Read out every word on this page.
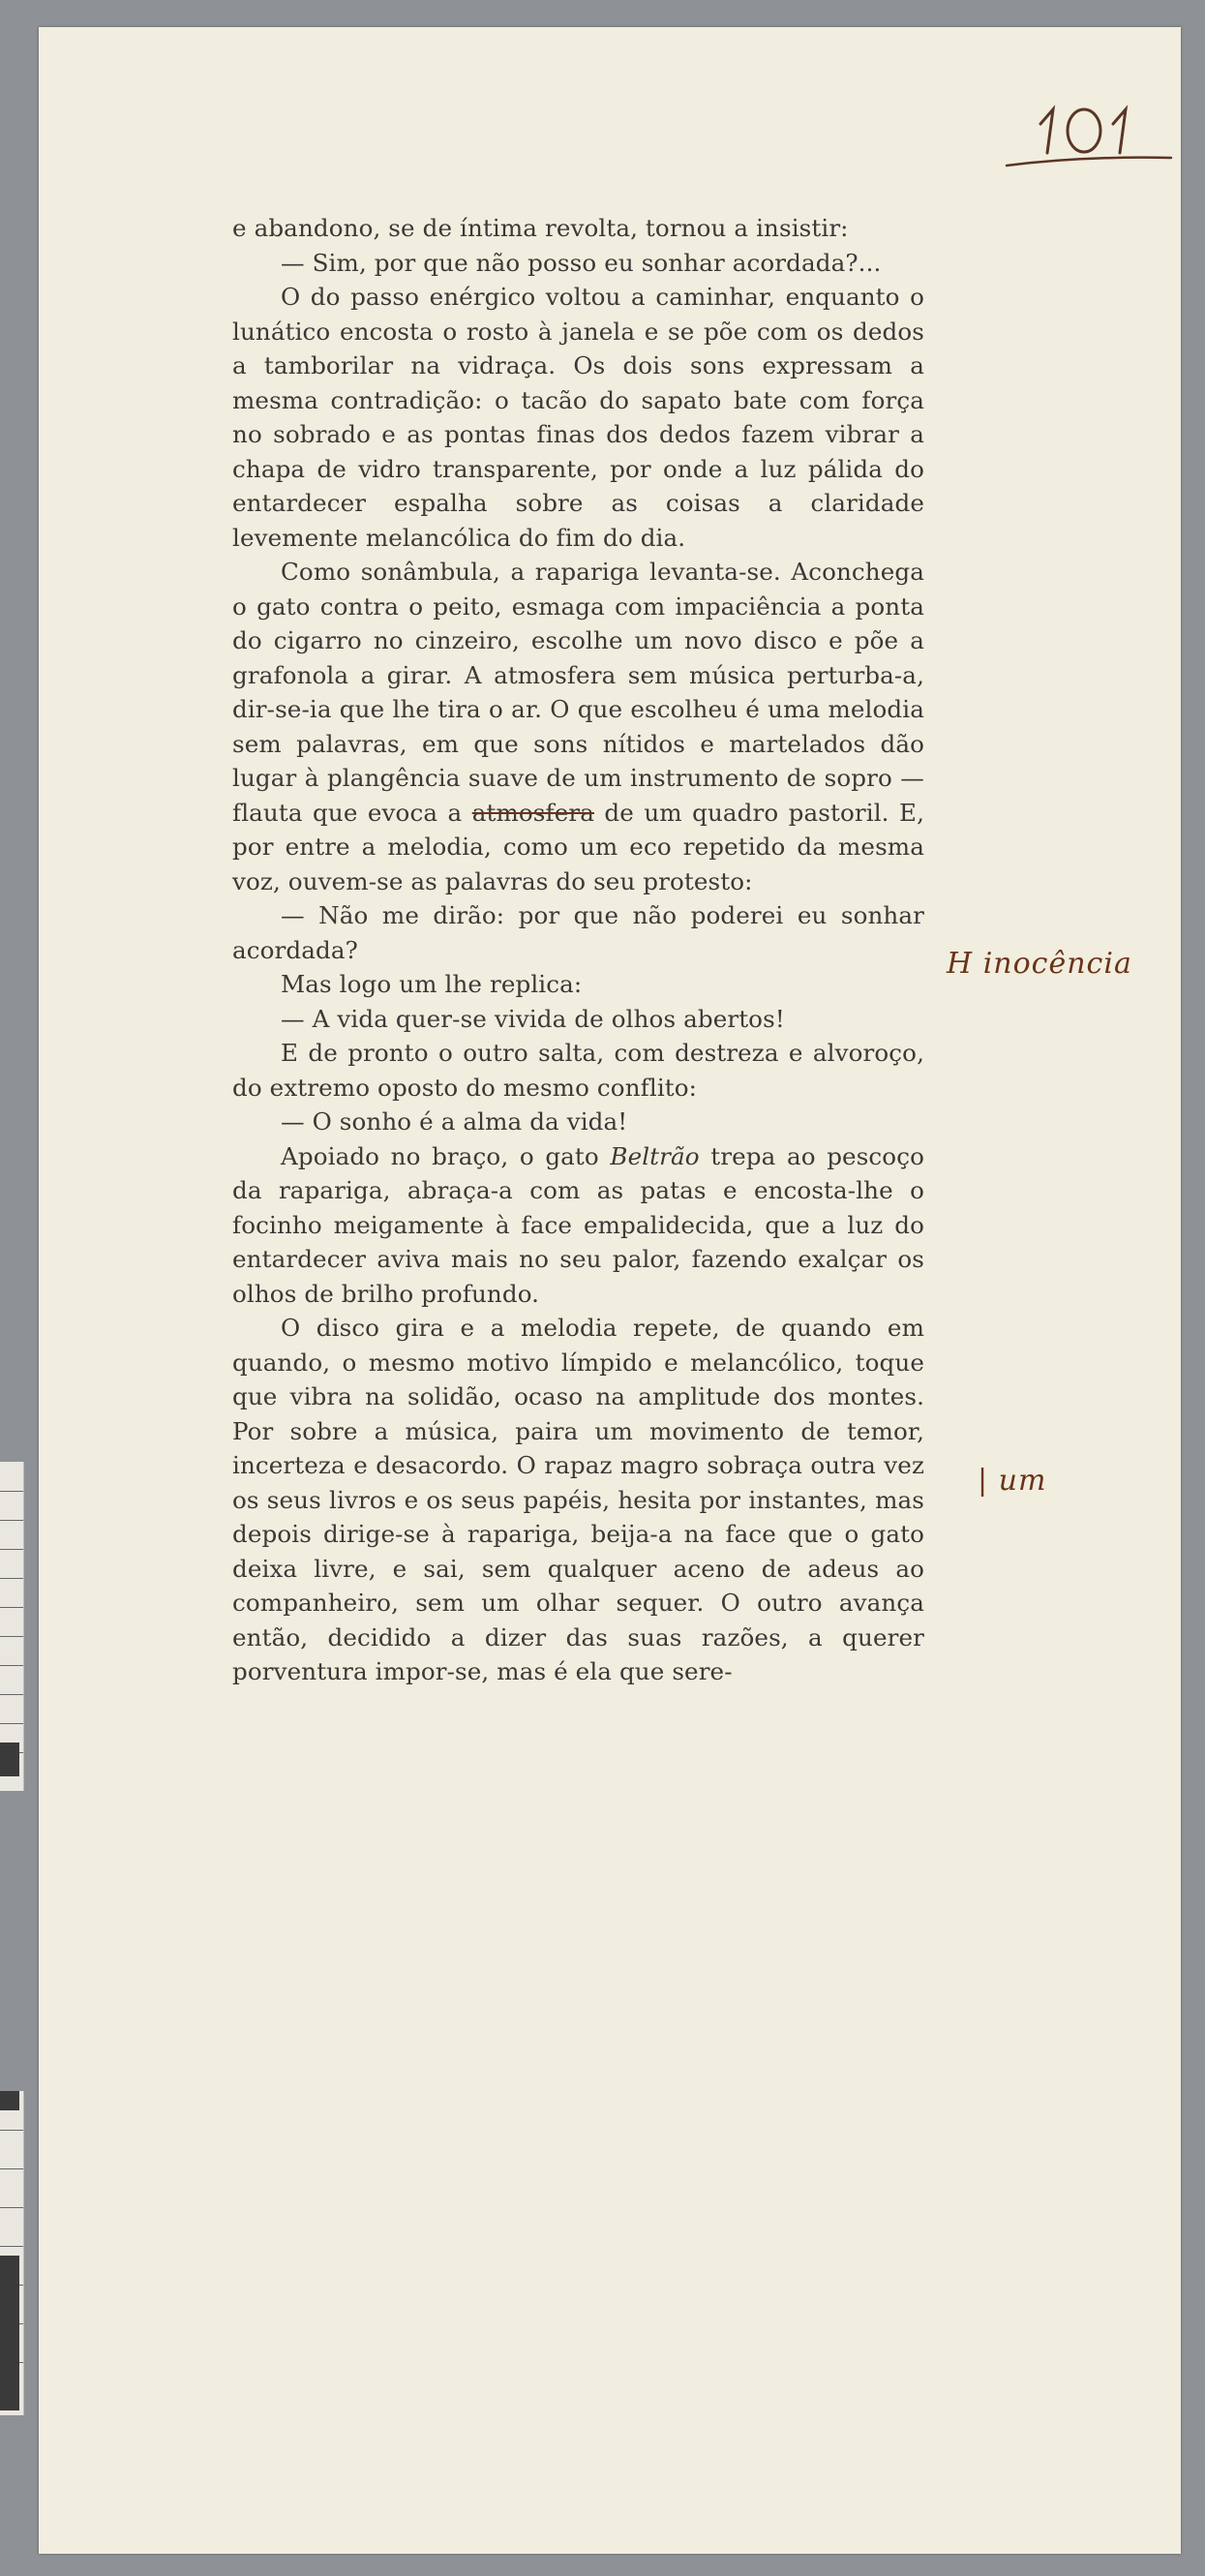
e abandono, se de íntima revolta, tornou a insistir:

— Sim, por que não posso eu sonhar acordada?...

O do passo enérgico voltou a caminhar, enquanto o lunático encosta o rosto à janela e se põe com os dedos a tamborilar na vidraça. Os dois sons expressam a mesma contradição: o tacão do sapato bate com força no sobrado e as pontas finas dos dedos fazem vibrar a chapa de vidro transparente, por onde a luz pálida do entardecer espalha sobre as coisas a claridade levemente melancólica do fim do dia.

Como sonâmbula, a rapariga levanta-se. Aconchega o gato contra o peito, esmaga com impaciência a ponta do cigarro no cinzeiro, escolhe um novo disco e põe a grafonola a girar. A atmosfera sem música perturba-a, dir-se-ia que lhe tira o ar. O que escolheu é uma melodia sem palavras, em que sons nítidos e martelados dão lugar à plangência suave de um instrumento de sopro — flauta que evoca a atmosfera de um quadro pastoril. E, por entre a melodia, como um eco repetido da mesma voz, ouvem-se as palavras do seu protesto:

— Não me dirão: por que não poderei eu sonhar acordada?

Mas logo um lhe replica:

— A vida quer-se vivida de olhos abertos!

E de pronto o outro salta, com destreza e alvoroço, do extremo oposto do mesmo conflito:

— O sonho é a alma da vida!

Apoiado no braço, o gato Beltrão trepa ao pescoço da rapariga, abraça-a com as patas e encosta-lhe o focinho meigamente à face empalidecida, que a luz do entardecer aviva mais no seu palor, fazendo exalçar os olhos de brilho profundo.

O disco gira e a melodia repete, de quando em quando, o mesmo motivo límpido e melancólico, toque que vibra na solidão, ocaso na amplitude dos montes. Por sobre a música, paira um movimento de temor, incerteza e desacordo. O rapaz magro sobraça outra vez os seus livros e os seus papéis, hesita por instantes, mas depois dirige-se à rapariga, beija-a na face que o gato deixa livre, e sai, sem qualquer aceno de adeus ao companheiro, sem um olhar sequer. O outro avança então, decidido a dizer das suas razões, a querer porventura impor-se, mas é ela que sere-

H inocência
| um
